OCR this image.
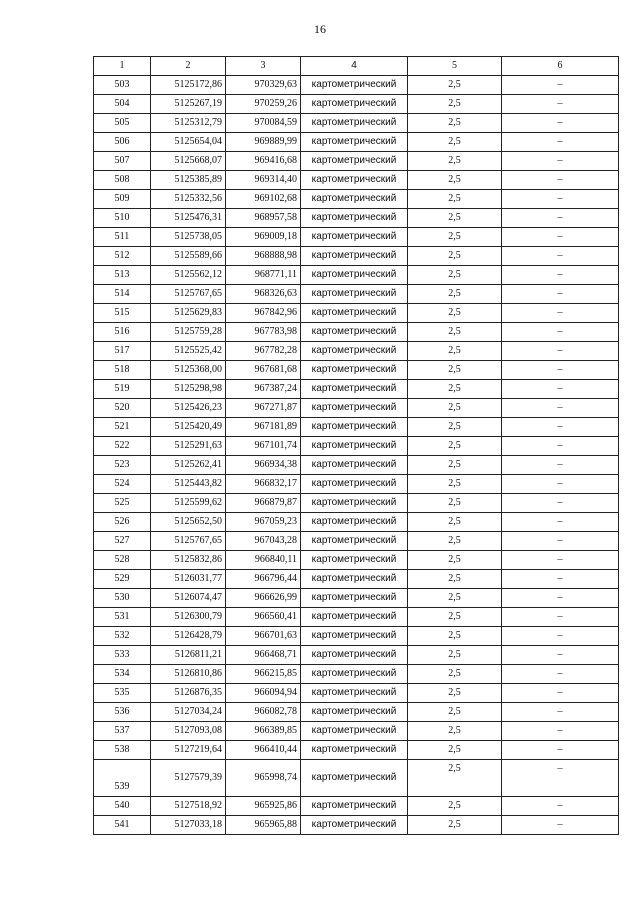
16
1	2	3	4	5	6
503	5125172,86	970329,63	картометрический	2,5	–
504	5125267,19	970259,26	картометрический	2,5	–
505	5125312,79	970084,59	картометрический	2,5	–
506	5125654,04	969889,99	картометрический	2,5	–
507	5125668,07	969416,68	картометрический	2,5	–
508	5125385,89	969314,40	картометрический	2,5	–
509	5125332,56	969102,68	картометрический	2,5	–
510	5125476,31	968957,58	картометрический	2,5	–
511	5125738,05	969009,18	картометрический	2,5	–
512	5125589,66	968888,98	картометрический	2,5	–
513	5125562,12	968771,11	картометрический	2,5	–
514	5125767,65	968326,63	картометрический	2,5	–
515	5125629,83	967842,96	картометрический	2,5	–
516	5125759,28	967783,98	картометрический	2,5	–
517	5125525,42	967782,28	картометрический	2,5	–
518	5125368,00	967681,68	картометрический	2,5	–
519	5125298,98	967387,24	картометрический	2,5	–
520	5125426,23	967271,87	картометрический	2,5	–
521	5125420,49	967181,89	картометрический	2,5	–
522	5125291,63	967101,74	картометрический	2,5	–
523	5125262,41	966934,38	картометрический	2,5	–
524	5125443,82	966832,17	картометрический	2,5	–
525	5125599,62	966879,87	картометрический	2,5	–
526	5125652,50	967059,23	картометрический	2,5	–
527	5125767,65	967043,28	картометрический	2,5	–
528	5125832,86	966840,11	картометрический	2,5	–
529	5126031,77	966796,44	картометрический	2,5	–
530	5126074,47	966626,99	картометрический	2,5	–
531	5126300,79	966560,41	картометрический	2,5	–
532	5126428,79	966701,63	картометрический	2,5	–
533	5126811,21	966468,71	картометрический	2,5	–
534	5126810,86	966215,85	картометрический	2,5	–
535	5126876,35	966094,94	картометрический	2,5	–
536	5127034,24	966082,78	картометрический	2,5	–
537	5127093,08	966389,85	картометрический	2,5	–
538	5127219,64	966410,44	картометрический	2,5	–
539	5127579,39	965998,74	картометрический	2,5	–
540	5127518,92	965925,86	картометрический	2,5	–
541	5127033,18	965965,88	картометрический	2,5	–
